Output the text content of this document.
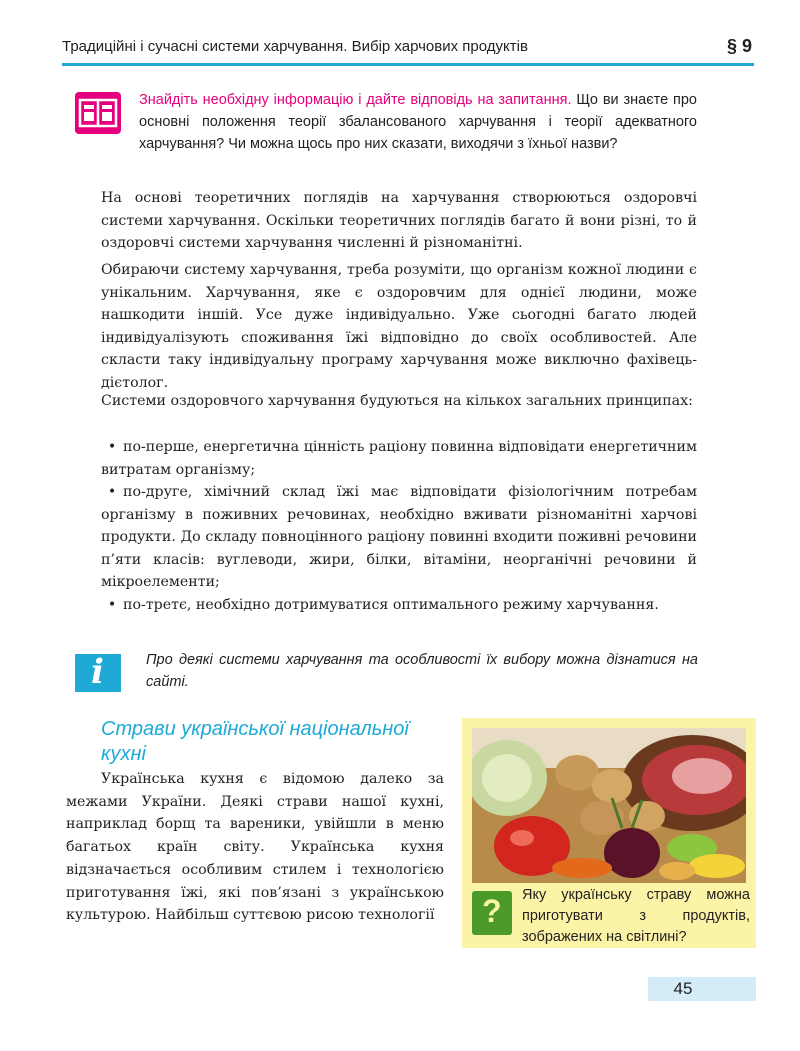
Традиційні і сучасні системи харчування. Вибір харчових продуктів	§ 9
Знайдіть необхідну інформацію і дайте відповідь на запитання. Що ви знаєте про основні положення теорії збалансованого харчування і теорії адекватного харчування? Чи можна щось про них сказати, виходячи з їхньої назви?

На основі теоретичних поглядів на харчування створюються оздоровчі системи харчування. Оскільки теоретичних поглядів багато й вони різні, то й оздоровчі системи харчування численні й різноманітні.

Обираючи систему харчування, треба розуміти, що організм кожної людини є унікальним. Харчування, яке є оздоровчим для однієї людини, може нашкодити іншій. Усе дуже індивідуально. Уже сьогодні багато людей індивідуалізують споживання їжі відповідно до своїх особливостей. Але скласти таку індивідуальну програму харчування може виключно фахівець-дієтолог.

Системи оздоровчого харчування будуються на кількох загальних принципах:

• по-перше, енергетична цінність раціону повинна відповідати енергетичним витратам організму;

• по-друге, хімічний склад їжі має відповідати фізіологічним потребам організму в поживних речовинах, необхідно вживати різноманітні харчові продукти. До складу повноцінного раціону повинні входити поживні речовини п’яти класів: вуглеводи, жири, білки, вітаміни, неорганічні речовини й мікроелементи;

• по-третє, необхідно дотримуватися оптимального режиму харчування.

i	Про деякі системи харчування та особливості їх вибору можна дізнатися на сайті.
Страви української національної кухні
Українська кухня є відомою далеко за межами України. Деякі страви нашої кухні, наприклад борщ та вареники, увійшли в меню багатьох країн світу. Українська кухня відзначається особливим стилем і технологією приготування їжі, які пов’язані з українською культурою. Найбільш суттєвою рисою технології ? Яку українську страву можна приготувати з продуктів, зображених на світлині?
45
